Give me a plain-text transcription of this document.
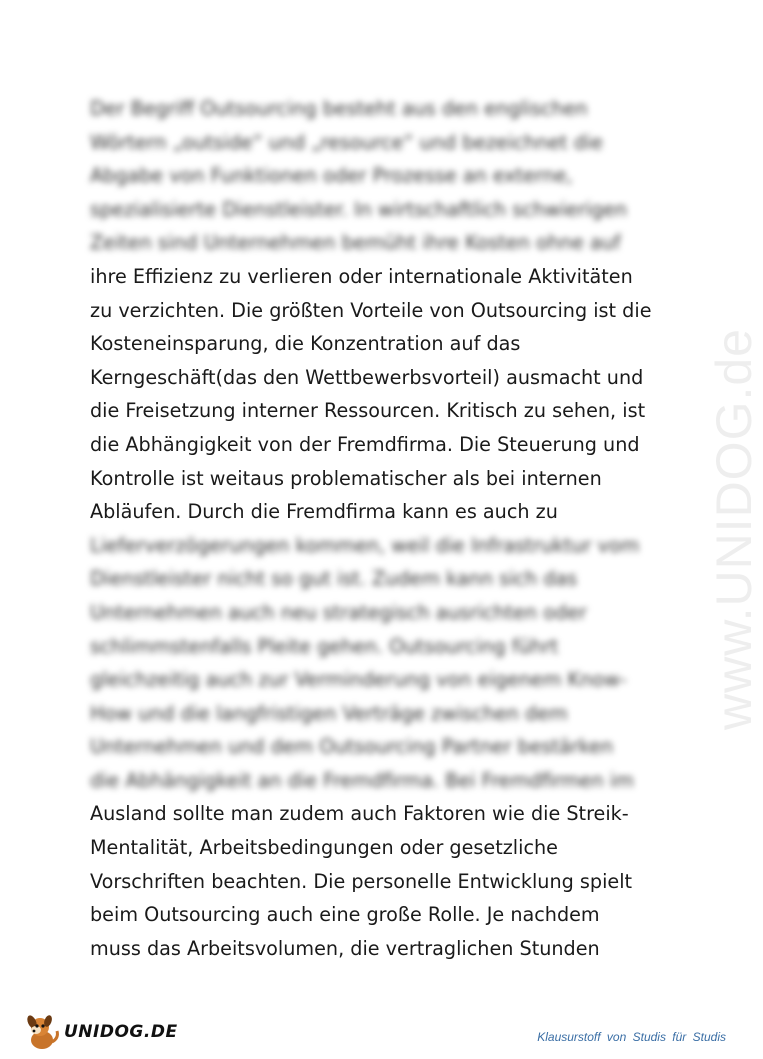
Der Begriff Outsourcing besteht aus den englischen
Wörtern „outside“ und „resource“ und bezeichnet die
Abgabe von Funktionen oder Prozesse an externe,
spezialisierte Dienstleister. In wirtschaftlich schwierigen
Zeiten sind Unternehmen bemüht ihre Kosten ohne auf
ihre Effizienz zu verlieren oder internationale Aktivitäten
zu verzichten. Die größten Vorteile von Outsourcing ist die
Kosteneinsparung, die Konzentration auf das
Kerngeschäft(das den Wettbewerbsvorteil) ausmacht und
die Freisetzung interner Ressourcen. Kritisch zu sehen, ist
die Abhängigkeit von der Fremdfirma. Die Steuerung und
Kontrolle ist weitaus problematischer als bei internen
Abläufen. Durch die Fremdfirma kann es auch zu
Lieferverzögerungen kommen, weil die Infrastruktur vom
Dienstleister nicht so gut ist. Zudem kann sich das
Unternehmen auch neu strategisch ausrichten oder
schlimmstenfalls Pleite gehen. Outsourcing führt
gleichzeitig auch zur Verminderung von eigenem Know-
How und die langfristigen Verträge zwischen dem
Unternehmen und dem Outsourcing Partner bestärken
die Abhängigkeit an die Fremdfirma. Bei Fremdfirmen im
Ausland sollte man zudem auch Faktoren wie die Streik-
Mentalität, Arbeitsbedingungen oder gesetzliche
Vorschriften beachten. Die personelle Entwicklung spielt
beim Outsourcing auch eine große Rolle. Je nachdem
muss das Arbeitsvolumen, die vertraglichen Stunden
www.UNIDOG.de
UNIDOG.DE	Klausurstoff von Studis für Studis
